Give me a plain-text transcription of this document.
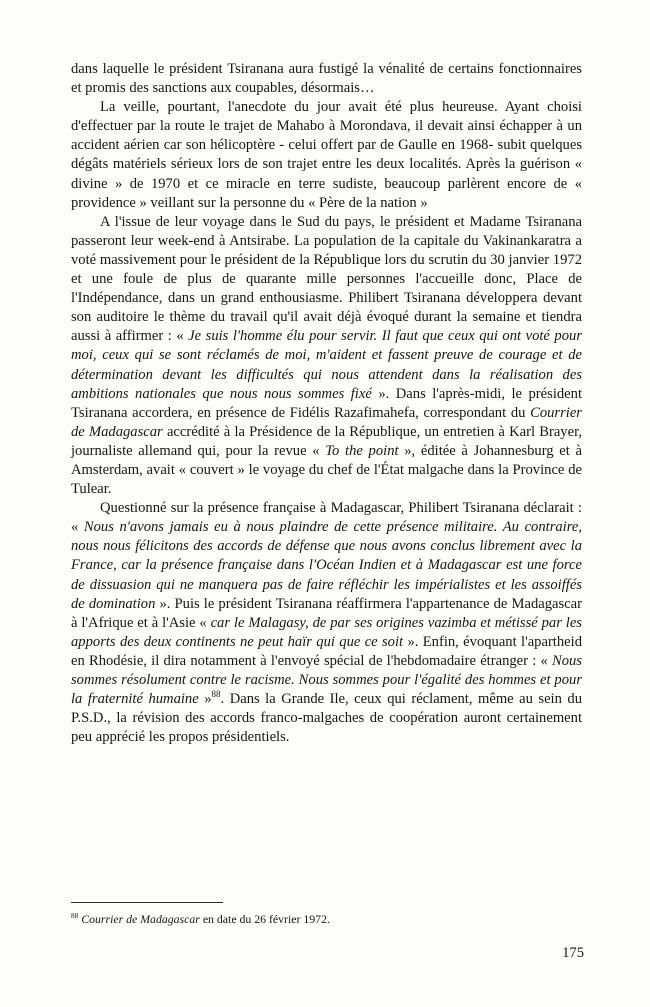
dans laquelle le président Tsiranana aura fustigé la vénalité de certains fonctionnaires et promis des sanctions aux coupables, désormais…

La veille, pourtant, l'anecdote du jour avait été plus heureuse. Ayant choisi d'effectuer par la route le trajet de Mahabo à Morondava, il devait ainsi échapper à un accident aérien car son hélicoptère - celui offert par de Gaulle en 1968- subit quelques dégâts matériels sérieux lors de son trajet entre les deux localités. Après la guérison « divine » de 1970 et ce miracle en terre sudiste, beaucoup parlèrent encore de « providence » veillant sur la personne du « Père de la nation »

A l'issue de leur voyage dans le Sud du pays, le président et Madame Tsiranana passeront leur week-end à Antsirabe. La population de la capitale du Vakinankaratra a voté massivement pour le président de la République lors du scrutin du 30 janvier 1972 et une foule de plus de quarante mille personnes l'accueille donc, Place de l'Indépendance, dans un grand enthousiasme. Philibert Tsiranana développera devant son auditoire le thème du travail qu'il avait déjà évoqué durant la semaine et tiendra aussi à affirmer : « Je suis l'homme élu pour servir. Il faut que ceux qui ont voté pour moi, ceux qui se sont réclamés de moi, m'aident et fassent preuve de courage et de détermination devant les difficultés qui nous attendent dans la réalisation des ambitions nationales que nous nous sommes fixé ». Dans l'après-midi, le président Tsiranana accordera, en présence de Fidélis Razafimahefa, correspondant du Courrier de Madagascar accrédité à la Présidence de la République, un entretien à Karl Brayer, journaliste allemand qui, pour la revue « To the point », éditée à Johannesburg et à Amsterdam, avait « couvert » le voyage du chef de l'État malgache dans la Province de Tulear.

Questionné sur la présence française à Madagascar, Philibert Tsiranana déclarait : « Nous n'avons jamais eu à nous plaindre de cette présence militaire. Au contraire, nous nous félicitons des accords de défense que nous avons conclus librement avec la France, car la présence française dans l'Océan Indien et à Madagascar est une force de dissuasion qui ne manquera pas de faire réfléchir les impérialistes et les assoiffés de domination ». Puis le président Tsiranana réaffirmera l'appartenance de Madagascar à l'Afrique et à l'Asie « car le Malagasy, de par ses origines vazimba et métissé par les apports des deux continents ne peut haïr qui que ce soit ». Enfin, évoquant l'apartheid en Rhodésie, il dira notamment à l'envoyé spécial de l'hebdomadaire étranger : « Nous sommes résolument contre le racisme. Nous sommes pour l'égalité des hommes et pour la fraternité humaine »$^{88}$. Dans la Grande Ile, ceux qui réclament, même au sein du P.S.D., la révision des accords franco-malgaches de coopération auront certainement peu apprécié les propos présidentiels.

$^{88}$ Courrier de Madagascar en date du 26 février 1972.
175
